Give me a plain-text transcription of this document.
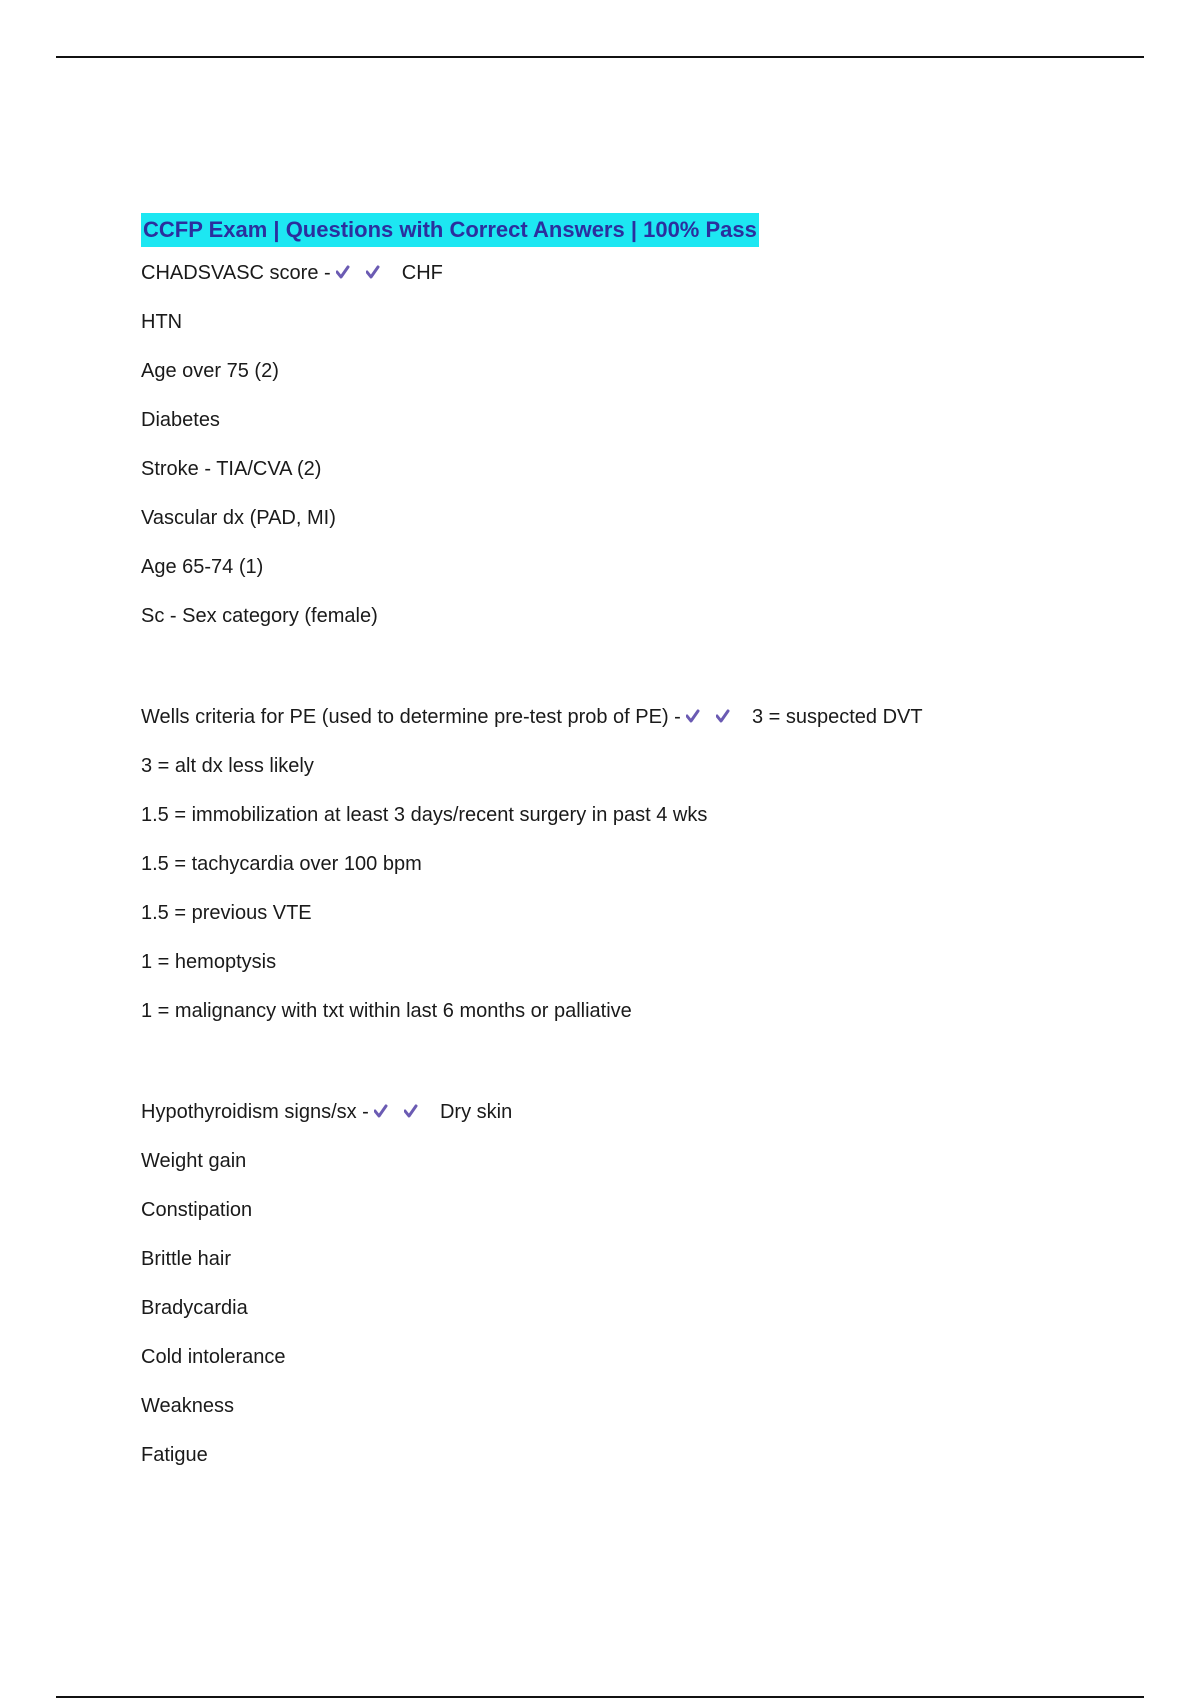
CCFP Exam | Questions with Correct Answers | 100% Pass
CHADSVASC score -	CHF
HTN
Age over 75 (2)
Diabetes
Stroke - TIA/CVA (2)
Vascular dx (PAD, MI)
Age 65-74 (1)
Sc - Sex category (female)
Wells criteria for PE (used to determine pre-test prob of PE) -	3 = suspected DVT
3 = alt dx less likely
1.5 = immobilization at least 3 days/recent surgery in past 4 wks
1.5 = tachycardia over 100 bpm
1.5 = previous VTE
1 = hemoptysis
1 = malignancy with txt within last 6 months or palliative
Hypothyroidism signs/sx -	Dry skin
Weight gain
Constipation
Brittle hair
Bradycardia
Cold intolerance
Weakness
Fatigue
